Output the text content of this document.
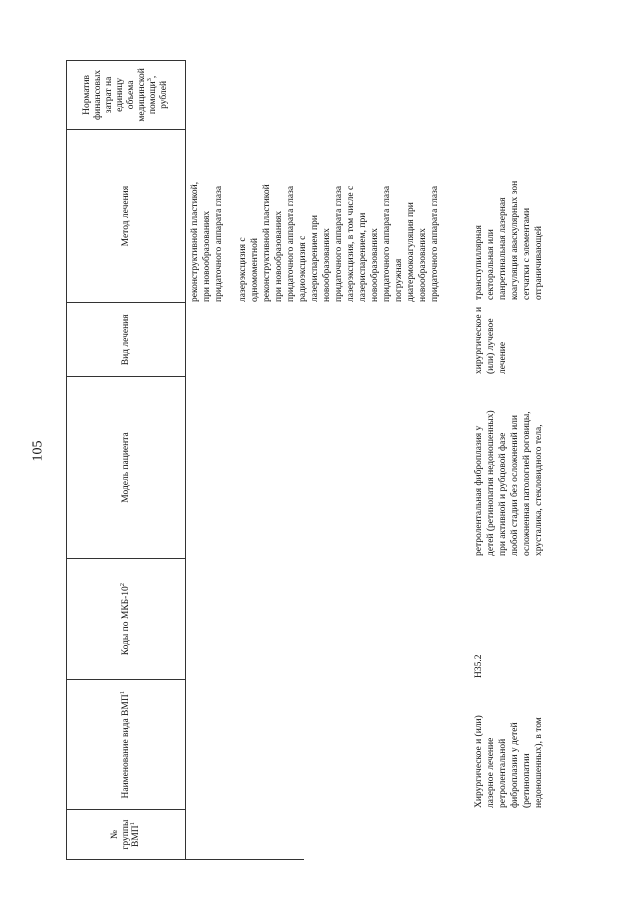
105
№ группы ВМП$^1$
Наименование вида ВМП$^1$
Коды по МКБ-$10^2$
Модель пациента
Вид лечения
Метод лечения
Норматив финансовых затрат на единицу объема медицинской помощи$^3$,
рублей
реконструктивной пластикой, при новообразованиях придаточного аппарата глаза лазерэксцизия с одномоментной реконструктивной пластикой при новообразованиях придаточного аппарата глаза радиоэксцизия с лазериспарением при новообразованиях придаточного аппарата глаза лазерэксцизия, в том числе с лазериспарением, при новообразованиях придаточного аппарата глаза погружная диатермокоагуляция при новообразованиях придаточного аппарата глаза
Хирургическое и (или) лазерное лечение ретролентальной фиброплазии у детей (ретинопатии недоношенных), в том
H35.2
ретролентальная фиброплазия у детей (ретинопатия недоношенных) при активной и рубцовой фазе любой стадии без осложнений или осложненная патологией роговицы, хрусталика, стекловидного тела,
хирургическое и (или) лучевое лечение
транспупиллярная секторальная или панретинальная лазерная коагуляция аваскулярных зон сетчатки с элементами отграничивающей
